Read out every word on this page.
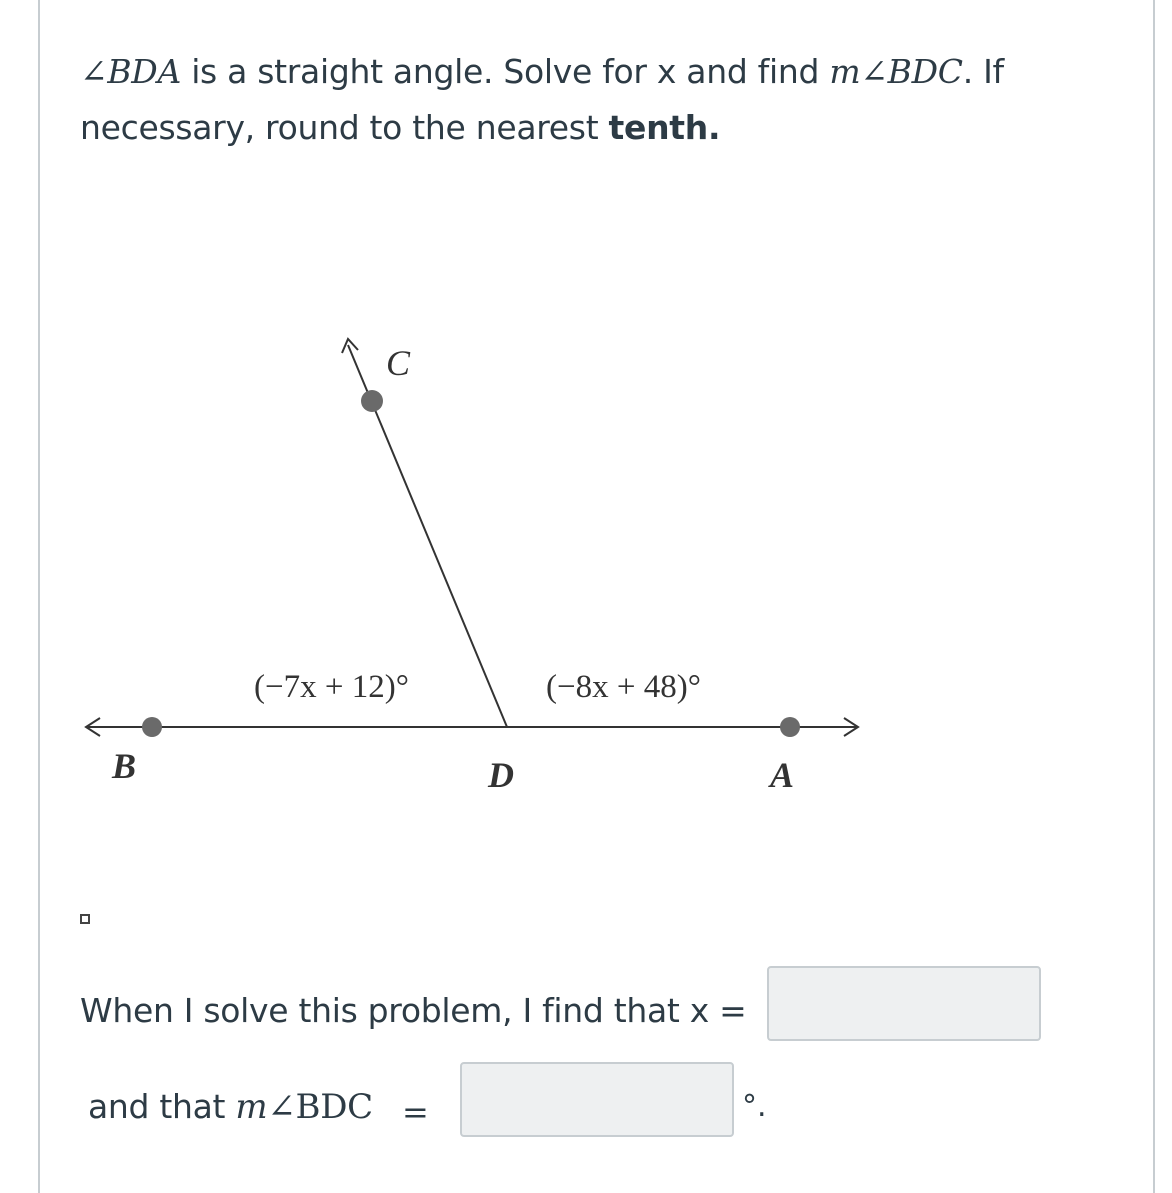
∠BDA is a straight angle. Solve for x and find m∠BDC. If necessary, round to the nearest tenth.
C
B	D	A
(−7x + 12)°	(−8x + 48)°
When I solve this problem, I find that x =
and that m∠BDC =	°.
